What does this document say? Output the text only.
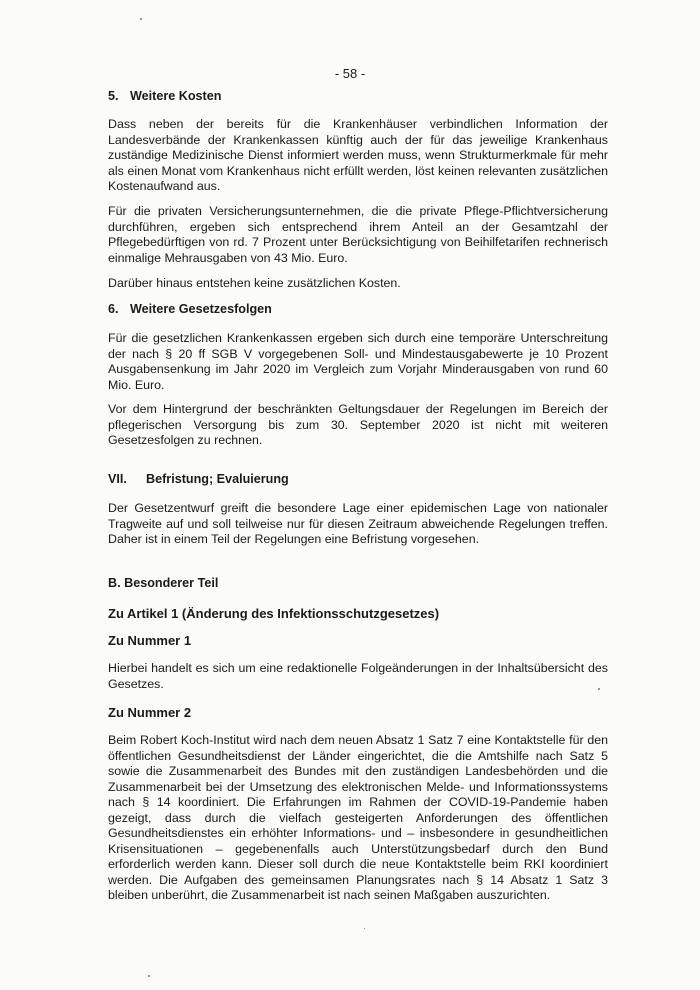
- 58 -

5. Weitere Kosten

Dass neben der bereits für die Krankenhäuser verbindlichen Information der Landesverbände der Krankenkassen künftig auch der für das jeweilige Krankenhaus zuständige Medizinische Dienst informiert werden muss, wenn Strukturmerkmale für mehr als einen Monat vom Krankenhaus nicht erfüllt werden, löst keinen relevanten zusätzlichen Kostenaufwand aus.

Für die privaten Versicherungsunternehmen, die die private Pflege-Pflichtversicherung durchführen, ergeben sich entsprechend ihrem Anteil an der Gesamtzahl der Pflegebedürftigen von rd. 7 Prozent unter Berücksichtigung von Beihilfetarifen rechnerisch einmalige Mehrausgaben von 43 Mio. Euro.

Darüber hinaus entstehen keine zusätzlichen Kosten.

6. Weitere Gesetzesfolgen

Für die gesetzlichen Krankenkassen ergeben sich durch eine temporäre Unterschreitung der nach § 20 ff SGB V vorgegebenen Soll- und Mindestausgabewerte je 10 Prozent Ausgabensenkung im Jahr 2020 im Vergleich zum Vorjahr Minderausgaben von rund 60 Mio. Euro.

Vor dem Hintergrund der beschränkten Geltungsdauer der Regelungen im Bereich der pflegerischen Versorgung bis zum 30. September 2020 ist nicht mit weiteren Gesetzesfolgen zu rechnen.

VII. Befristung; Evaluierung

Der Gesetzentwurf greift die besondere Lage einer epidemischen Lage von nationaler Tragweite auf und soll teilweise nur für diesen Zeitraum abweichende Regelungen treffen. Daher ist in einem Teil der Regelungen eine Befristung vorgesehen.

B. Besonderer Teil

Zu Artikel 1 (Änderung des Infektionsschutzgesetzes)

Zu Nummer 1

Hierbei handelt es sich um eine redaktionelle Folgeänderungen in der Inhaltsübersicht des Gesetzes.

Zu Nummer 2

Beim Robert Koch-Institut wird nach dem neuen Absatz 1 Satz 7 eine Kontaktstelle für den öffentlichen Gesundheitsdienst der Länder eingerichtet, die die Amtshilfe nach Satz 5 sowie die Zusammenarbeit des Bundes mit den zuständigen Landesbehörden und die Zusammenarbeit bei der Umsetzung des elektronischen Melde- und Informationssystems nach § 14 koordiniert. Die Erfahrungen im Rahmen der COVID-19-Pandemie haben gezeigt, dass durch die vielfach gesteigerten Anforderungen des öffentlichen Gesundheitsdienstes ein erhöhter Informations- und – insbesondere in gesundheitlichen Krisensituationen – gegebenenfalls auch Unterstützungsbedarf durch den Bund erforderlich werden kann. Dieser soll durch die neue Kontaktstelle beim RKI koordiniert werden. Die Aufgaben des gemeinsamen Planungsrates nach § 14 Absatz 1 Satz 3 bleiben unberührt, die Zusammenarbeit ist nach seinen Maßgaben auszurichten.
